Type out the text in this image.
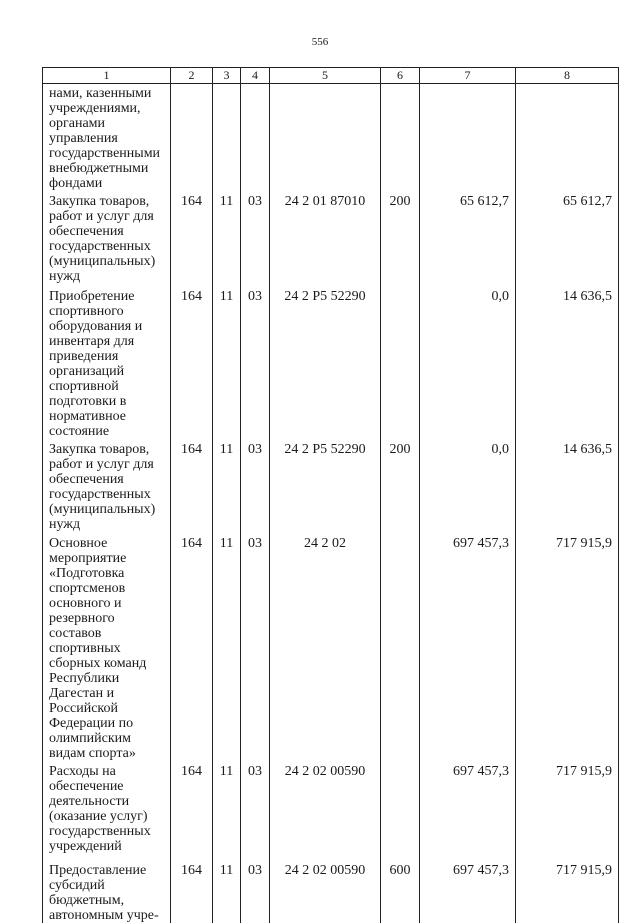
556
1	2	3	4	5	6	7	8
нами, казенными учреждениями, органами управления государственными внебюджетными фондами							
Закупка товаров, работ и услуг для обеспечения государственных (муниципальных) нужд	164	11	03	24 2 01 87010	200	65 612,7	65 612,7
Приобретение спортивного оборудования и инвентаря для приведения организаций спортивной подготовки в нормативное состояние	164	11	03	24 2 P5 52290		0,0	14 636,5
Закупка товаров, работ и услуг для обеспечения государственных (муниципальных) нужд	164	11	03	24 2 P5 52290	200	0,0	14 636,5
Основное мероприятие «Подготовка спортсменов основного и резервного составов спортивных сборных команд Республики Дагестан и Российской Федерации по олимпийским видам спорта»	164	11	03	24 2 02		697 457,3	717 915,9
Расходы на обеспечение деятельности (оказание услуг) государственных учреждений	164	11	03	24 2 02 00590		697 457,3	717 915,9
Предоставление субсидий бюджетным, автономным учре-	164	11	03	24 2 02 00590	600	697 457,3	717 915,9
